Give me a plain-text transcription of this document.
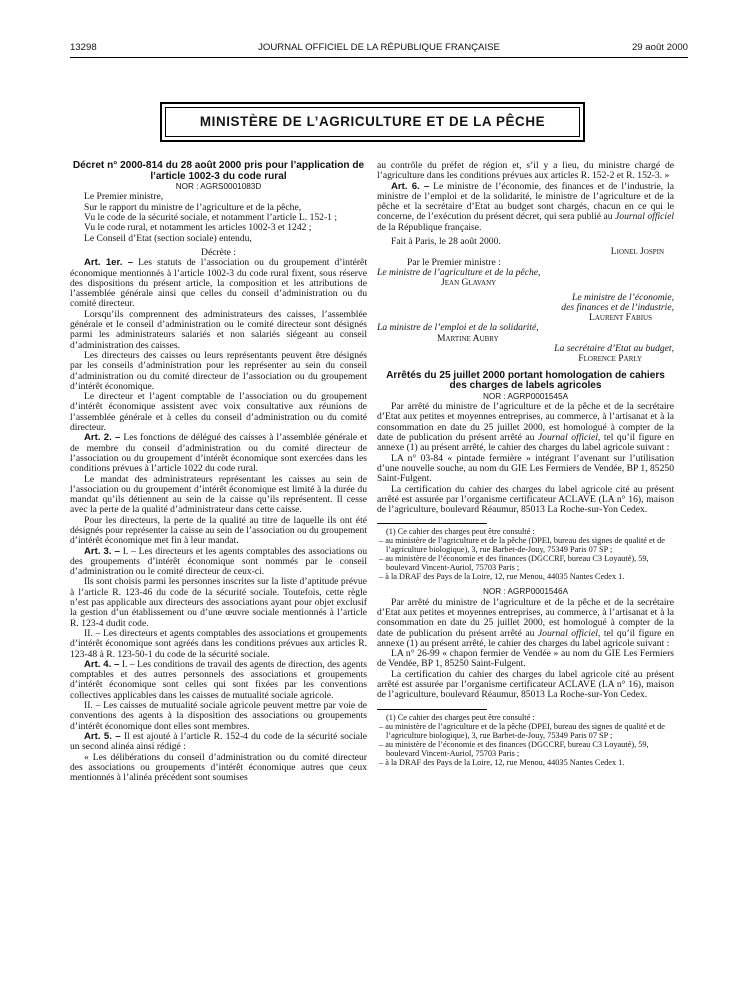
13298	JOURNAL OFFICIEL DE LA RÉPUBLIQUE FRANÇAISE	29 août 2000
MINISTÈRE DE L’AGRICULTURE ET DE LA PÊCHE

Décret n° 2000-814 du 28 août 2000 pris pour l’application de l’article 1002-3 du code rural

NOR : AGRS0001083D

Le Premier ministre,

Sur le rapport du ministre de l’agriculture et de la pêche,

Vu le code de la sécurité sociale, et notamment l’article L. 152-1 ;

Vu le code rural, et notamment les articles 1002-3 et 1242 ;

Le Conseil d’Etat (section sociale) entendu,

Décrète :

Art. 1er. – Les statuts de l’association ou du groupement d’intérêt économique mentionnés à l’article 1002-3 du code rural fixent, sous réserve des dispositions du présent article, la composition et les attributions de l’assemblée générale ainsi que celles du conseil d’administration ou du comité directeur.

Lorsqu’ils comprennent des administrateurs des caisses, l’assemblée générale et le conseil d’administration ou le comité directeur sont désignés parmi les administrateurs salariés et non salariés siégeant au conseil d’administration des caisses.

Les directeurs des caisses ou leurs représentants peuvent être désignés par les conseils d’administration pour les représenter au sein du conseil d’administration ou du comité directeur de l’association ou du groupement d’intérêt économique.

Le directeur et l’agent comptable de l’association ou du groupement d’intérêt économique assistent avec voix consultative aux réunions de l’assemblée générale et à celles du conseil d’administration ou du comité directeur.

Art. 2. – Les fonctions de délégué des caisses à l’assemblée générale et de membre du conseil d’administration ou du comité directeur de l’association ou du groupement d’intérêt économique sont exercées dans les conditions prévues à l’article 1022 du code rural.

Le mandat des administrateurs représentant les caisses au sein de l’association ou du groupement d’intérêt économique est limité à la durée du mandat qu’ils détiennent au sein de la caisse qu’ils représentent. Il cesse avec la perte de la qualité d’administrateur dans cette caisse.

Pour les directeurs, la perte de la qualité au titre de laquelle ils ont été désignés pour représenter la caisse au sein de l’association ou du groupement d’intérêt économique met fin à leur mandat.

Art. 3. – I. – Les directeurs et les agents comptables des associations ou des groupements d’intérêt économique sont nommés par le conseil d’administration ou le comité directeur de ceux-ci.

Ils sont choisis parmi les personnes inscrites sur la liste d’aptitude prévue à l’article R. 123-46 du code de la sécurité sociale. Toutefois, cette règle n’est pas applicable aux directeurs des associations ayant pour objet exclusif la gestion d’un établissement ou d’une œuvre sociale mentionnés à l’article R. 123-4 dudit code.

II. – Les directeurs et agents comptables des associations et groupements d’intérêt économique sont agréés dans les conditions prévues aux articles R. 123-48 à R. 123-50-1 du code de la sécurité sociale.

Art. 4. – I. – Les conditions de travail des agents de direction, des agents comptables et des autres personnels des associations et groupements d’intérêt économique sont celles qui sont fixées par les conventions collectives applicables dans les caisses de mutualité sociale agricole.

II. – Les caisses de mutualité sociale agricole peuvent mettre par voie de conventions des agents à la disposition des associations ou groupements d’intérêt économique dont elles sont membres.

Art. 5. – Il est ajouté à l’article R. 152-4 du code de la sécurité sociale un second alinéa ainsi rédigé :

« Les délibérations du conseil d’administration ou du comité directeur des associations ou groupements d’intérêt économique autres que ceux mentionnés à l’alinéa précédent sont soumises

au contrôle du préfet de région et, s’il y a lieu, du ministre chargé de l’agriculture dans les conditions prévues aux articles R. 152-2 et R. 152-3. »

Art. 6. – Le ministre de l’économie, des finances et de l’industrie, la ministre de l’emploi et de la solidarité, le ministre de l’agriculture et de la pêche et la secrétaire d’Etat au budget sont chargés, chacun en ce qui le concerne, de l’exécution du présent décret, qui sera publié au Journal officiel de la République française.

Fait à Paris, le 28 août 2000.

Lionel Jospin

Par le Premier ministre :

Le ministre de l’agriculture et de la pêche,

Jean Glavany

Le ministre de l’économie,

des finances et de l’industrie,

Laurent Fabius

La ministre de l’emploi et de la solidarité,

Martine Aubry

La secrétaire d’Etat au budget,

Florence Parly

Arrêtés du 25 juillet 2000 portant homologation de cahiers des charges de labels agricoles

NOR : AGRP0001545A

Par arrêté du ministre de l’agriculture et de la pêche et de la secrétaire d’Etat aux petites et moyennes entreprises, au commerce, à l’artisanat et à la consommation en date du 25 juillet 2000, est homologué à compter de la date de publication du présent arrêté au Journal officiel, tel qu’il figure en annexe (1) au présent arrêté, le cahier des charges du label agricole suivant :

LA n° 03-84 « pintade fermière » intégrant l’avenant sur l’utilisation d’une nouvelle souche, au nom du GIE Les Fermiers de Vendée, BP 1, 85250 Saint-Fulgent.

La certification du cahier des charges du label agricole cité au présent arrêté est assurée par l’organisme certificateur ACLAVE (LA n° 16), maison de l’agriculture, boulevard Réaumur, 85013 La Roche-sur-Yon Cedex.

(1) Ce cahier des charges peut être consulté :

– au ministère de l’agriculture et de la pêche (DPEI, bureau des signes de qualité et de l’agriculture biologique), 3, rue Barbet-de-Jouy, 75349 Paris 07 SP ;

– au ministère de l’économie et des finances (DGCCRF, bureau C3 Loyauté), 59, boulevard Vincent-Auriol, 75703 Paris ;

– à la DRAF des Pays de la Loire, 12, rue Menou, 44035 Nantes Cedex 1.

NOR : AGRP0001546A

Par arrêté du ministre de l’agriculture et de la pêche et de la secrétaire d’Etat aux petites et moyennes entreprises, au commerce, à l’artisanat et à la consommation en date du 25 juillet 2000, est homologué à compter de la date de publication du présent arrêté au Journal officiel, tel qu’il figure en annexe (1) au présent arrêté, le cahier des charges du label agricole suivant :

LA n° 26-99 « chapon fermier de Vendée » au nom du GIE Les Fermiers de Vendée, BP 1, 85250 Saint-Fulgent.

La certification du cahier des charges du label agricole cité au présent arrêté est assurée par l’organisme certificateur ACLAVE (LA n° 16), maison de l’agriculture, boulevard Réaumur, 85013 La Roche-sur-Yon Cedex.

(1) Ce cahier des charges peut être consulté :

– au ministère de l’agriculture et de la pêche (DPEI, bureau des signes de qualité et de l’agriculture biologique), 3, rue Barbet-de-Jouy, 75349 Paris 07 SP ;

– au ministère de l’économie et des finances (DGCCRF, bureau C3 Loyauté), 59, boulevard Vincent-Auriol, 75703 Paris ;

– à la DRAF des Pays de la Loire, 12, rue Menou, 44035 Nantes Cedex 1.
